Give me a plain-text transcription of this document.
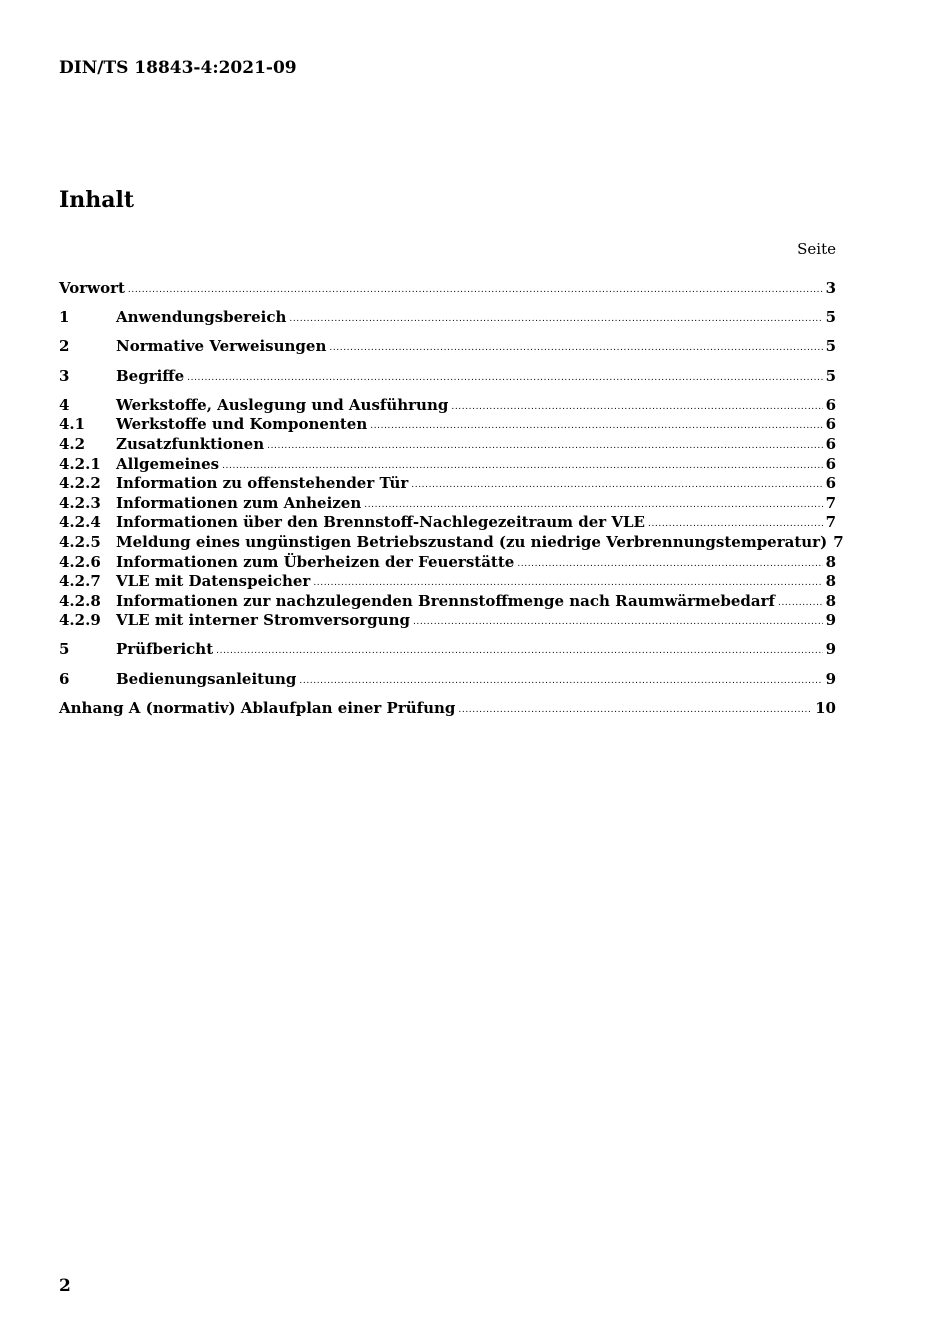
DIN/TS 18843-4:2021-09
Inhalt
Seite
Vorwort .....	3
1	Anwendungsbereich .....	5
2	Normative Verweisungen .....	5
3	Begriffe .....	5
4	Werkstoffe, Auslegung und Ausführung .....	6
4.1	Werkstoffe und Komponenten .....	6
4.2	Zusatzfunktionen .....	6
4.2.1	Allgemeines .....	6
4.2.2	Information zu offenstehender Tür .....	6
4.2.3	Informationen zum Anheizen .....	7
4.2.4	Informationen über den Brennstoff-Nachlegezeitraum der VLE .....	7
4.2.5	Meldung eines ungünstigen Betriebszustand (zu niedrige Verbrennungstemperatur) 7
4.2.6	Informationen zum Überheizen der Feuerstätte .....	8
4.2.7	VLE mit Datenspeicher .....	8
4.2.8	Informationen zur nachzulegenden Brennstoffmenge nach Raumwärmebedarf .....	8
4.2.9	VLE mit interner Stromversorgung .....	9
5	Prüfbericht .....	9
6	Bedienungsanleitung .....	9
Anhang A (normativ) Ablaufplan einer Prüfung .....	10
2
